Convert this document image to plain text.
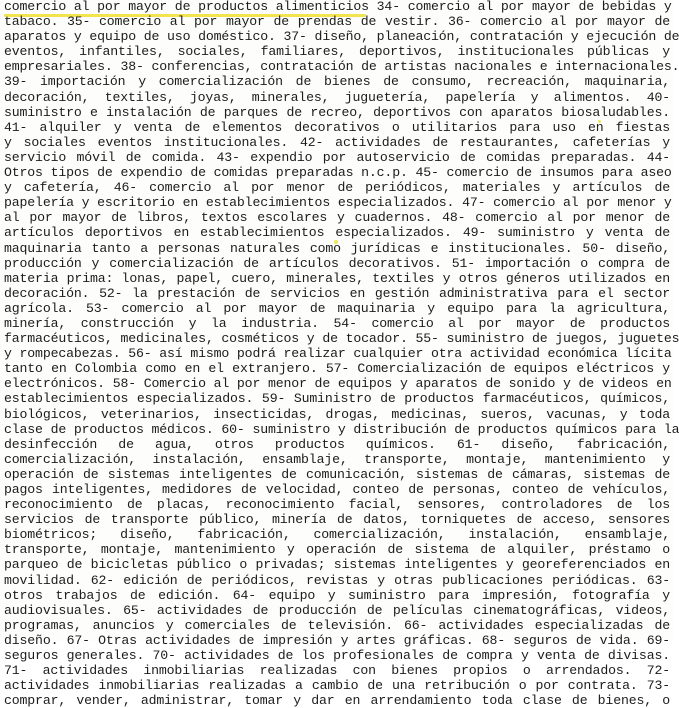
comercio al por mayor de productos alimenticios 34- comercio al por mayor de bebidas y
tabaco. 35- comercio al por mayor de prendas de vestir. 36- comercio al por mayor de
aparatos y equipo de uso doméstico. 37- diseño, planeación, contratación y ejecución de
eventos, infantiles, sociales, familiares, deportivos, institucionales públicas y
empresariales. 38- conferencias, contratación de artistas nacionales e internacionales.
39- importación y comercialización de bienes de consumo, recreación, maquinaria,
decoración, textiles, joyas, minerales, juguetería, papelería y alimentos. 40-
suministro e instalación de parques de recreo, deportivos con aparatos biosaludables.
41- alquiler y venta de elementos decorativos o utilitarios para uso en fiestas
y sociales eventos institucionales. 42- actividades de restaurantes, cafeterías y
servicio móvil de comida. 43- expendio por autoservicio de comidas preparadas. 44-
Otros tipos de expendio de comidas preparadas n.c.p. 45- comercio de insumos para aseo
y cafetería, 46- comercio al por menor de periódicos, materiales y artículos de
papelería y escritorio en establecimientos especializados. 47- comercio al por menor y
al por mayor de libros, textos escolares y cuadernos. 48- comercio al por menor de
artículos deportivos en establecimientos especializados. 49- suministro y venta de
maquinaria tanto a personas naturales como jurídicas e institucionales. 50- diseño,
producción y comercialización de artículos decorativos. 51- importación o compra de
materia prima: lonas, papel, cuero, minerales, textiles y otros géneros utilizados en
decoración. 52- la prestación de servicios en gestión administrativa para el sector
agrícola. 53- comercio al por mayor de maquinaria y equipo para la agricultura,
minería, construcción y la industria. 54- comercio al por mayor de productos
farmacéuticos, medicinales, cosméticos y de tocador. 55- suministro de juegos, juguetes
y rompecabezas. 56- así mismo podrá realizar cualquier otra actividad económica lícita
tanto en Colombia como en el extranjero. 57- Comercialización de equipos eléctricos y
electrónicos. 58- Comercio al por menor de equipos y aparatos de sonido y de videos en
establecimientos especializados. 59- Suministro de productos farmacéuticos, químicos,
biológicos, veterinarios, insecticidas, drogas, medicinas, sueros, vacunas, y toda
clase de productos médicos. 60- suministro y distribución de productos químicos para la
desinfección de agua, otros productos químicos. 61- diseño, fabricación,
comercialización, instalación, ensamblaje, transporte, montaje, mantenimiento y
operación de sistemas inteligentes de comunicación, sistemas de cámaras, sistemas de
pagos inteligentes, medidores de velocidad, conteo de personas, conteo de vehículos,
reconocimiento de placas, reconocimiento facial, sensores, controladores de los
servicios de transporte público, minería de datos, torniquetes de acceso, sensores
biométricos; diseño, fabricación, comercialización, instalación, ensamblaje,
transporte, montaje, mantenimiento y operación de sistema de alquiler, préstamo o
parqueo de bicicletas público o privadas; sistemas inteligentes y georeferenciados en
movilidad. 62- edición de periódicos, revistas y otras publicaciones periódicas. 63-
otros trabajos de edición. 64- equipo y suministro para impresión, fotografía y
audiovisuales. 65- actividades de producción de películas cinematográficas, videos,
programas, anuncios y comerciales de televisión. 66- actividades especializadas de
diseño. 67- Otras actividades de impresión y artes gráficas. 68- seguros de vida. 69-
seguros generales. 70- actividades de los profesionales de compra y venta de divisas.
71- actividades inmobiliarias realizadas con bienes propios o arrendados. 72-
actividades inmobiliarias realizadas a cambio de una retribución o por contrata. 73-
comprar, vender, administrar, tomar y dar en arrendamiento toda clase de bienes, o
